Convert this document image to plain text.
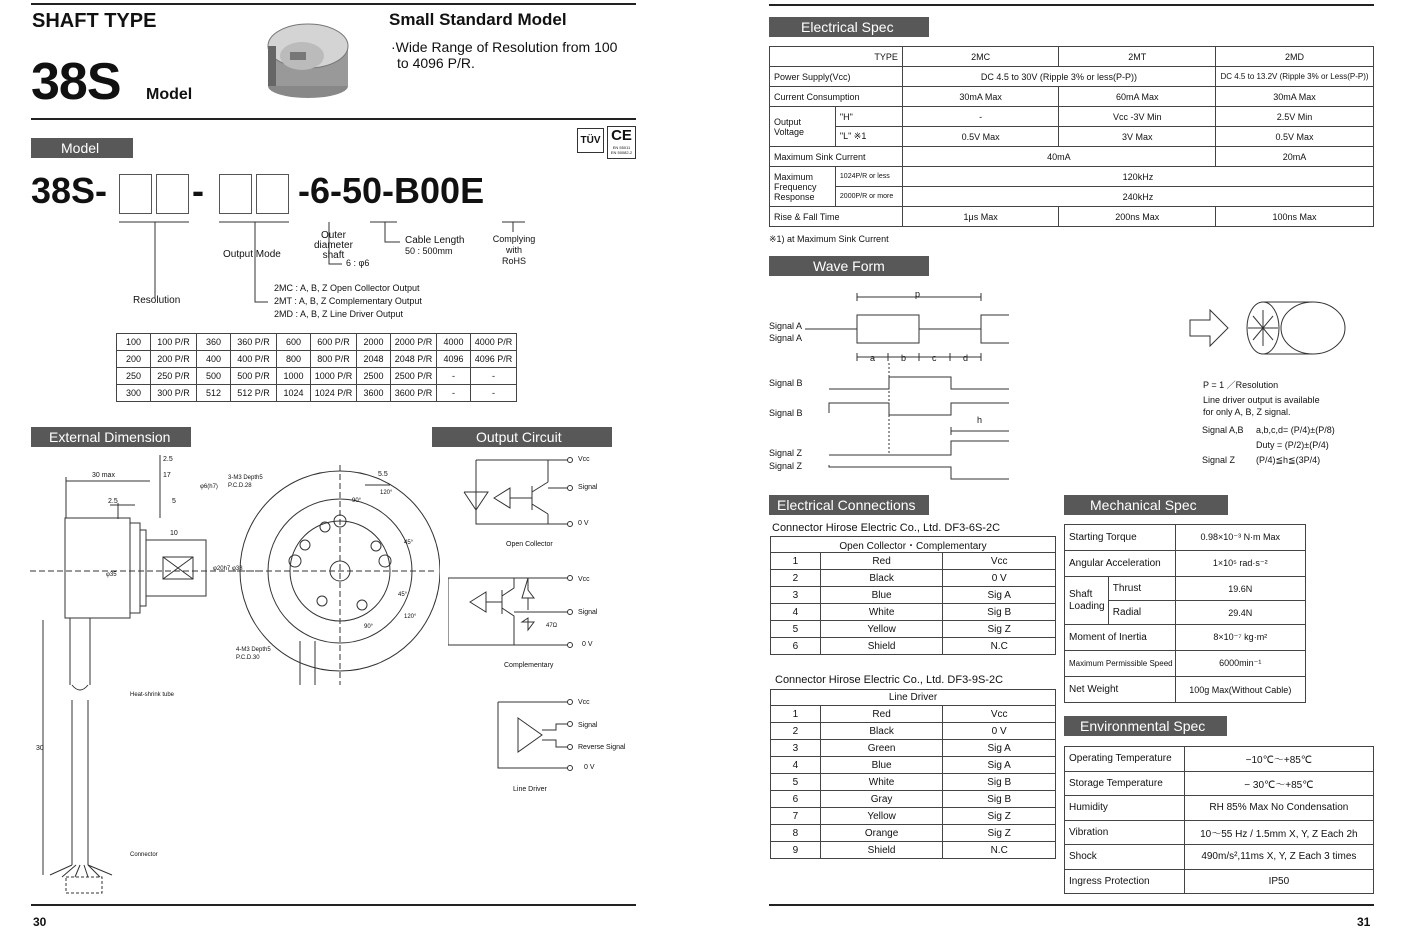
SHAFT TYPE
38S Model
Small Standard Model
·Wide Range of Resolution from 100
to 4096 P/R.
Model	TÜV CE
EN 55011
EN 50082-2
38S- -	-6-50-B00E
Outer
diameter
shaft
6 : φ6
Cable Length
50 : 500mm
Complying
with
RoHS
Output Mode
Resolution
2MC : A, B, Z Open Collector Output
2MT : A, B, Z Complementary Output
2MD : A, B, Z Line Driver Output
100	100 P/R	360	360 P/R	600	600 P/R	2000	2000 P/R	4000	4000 P/R
200	200 P/R	400	400 P/R	800	800 P/R	2048	2048 P/R	4096	4096 P/R
250	250 P/R	500	500 P/R	1000	1000 P/R	2500	2500 P/R	-	-
300	300 P/R	512	512 P/R	1024	1024 P/R	3600	3600 P/R	-	-
External Dimension	Output Circuit
30 max	17
2.5
2.5	5
10
5.5
30
φ6(h7)
φ35
φ20h7 φ38
90°
120°
45°
45°
120°
90°
3-M3 Depth5
P.C.D.28
4-M3 Depth5
P.C.D.30
Heat-shrink tube
Connector
Vcc
Signal
0 V
Open Collector
Vcc
Signal
0 V
47Ω
Complementary
Vcc
Signal
Reverse Signal
0 V
Line Driver
30
Electrical Spec
TYPE		2MC	2MT	2MD
Power Supply(Vcc)		DC 4.5 to 30V (Ripple 3% or less(P-P))		DC 4.5 to 13.2V (Ripple 3% or Less(P-P))
Current Consumption		30mA Max	60mA Max	30mA Max

Output
Voltage	"H"	-	Vcc -3V Min	2.5V Min
	"L" ※1	0.5V Max	3V Max	0.5V Max
Maximum Sink Current		40mA		20mA

Maximum
Frequency
Response	1024P/R or less	120kHz		
	2000P/R or more	240kHz		
Rise & Fall Time		1μs Max	200ns Max	100ns Max
※1) at Maximum Sink Current
Wave Form
Signal A
Signal A
Signal B
Signal B
Signal Z
Signal Z
p
a	b	c	d
h
P = 1 ／Resolution
Line driver output is available
for only A, B, Z signal.
Signal A,B a,b,c,d= (P/4)±(P/8)
Duty = (P/2)±(P/4)
Signal Z (P/4)≦h≦(3P/4)
Electrical Connections
Connector Hirose Electric Co., Ltd. DF3-6S-2C
Open Collector・Complementary		
1	Red	Vcc
2	Black	0 V
3	Blue	Sig A
4	White	Sig B
5	Yellow	Sig Z
6	Shield	N.C
Connector Hirose Electric Co., Ltd. DF3-9S-2C
Line Driver		
1	Red	Vcc
2	Black	0 V
3	Green	Sig A
4	Blue	Sig A
5	White	Sig B
6	Gray	Sig B
7	Yellow	Sig Z
8	Orange	Sig Z
9	Shield	N.C
Mechanical Spec
Starting Torque		0.98×10⁻³ N·m Max
Angular Acceleration		1×10⁵ rad·s⁻²

Shaft
Loading	Thrust	19.6N
	Radial	29.4N
Moment of Inertia		8×10⁻⁷ kg·m²
Maximum Permissible Speed		6000min⁻¹
Net Weight		100g Max(Without Cable)
Environmental Spec
Operating Temperature	−10℃〜+85℃
Storage Temperature	− 30℃〜+85℃
Humidity	RH 85% Max No Condensation
Vibration	10〜55 Hz / 1.5mm X, Y, Z Each 2h
Shock	490m/s²,11ms X, Y, Z Each 3 times
Ingress Protection	IP50
31
